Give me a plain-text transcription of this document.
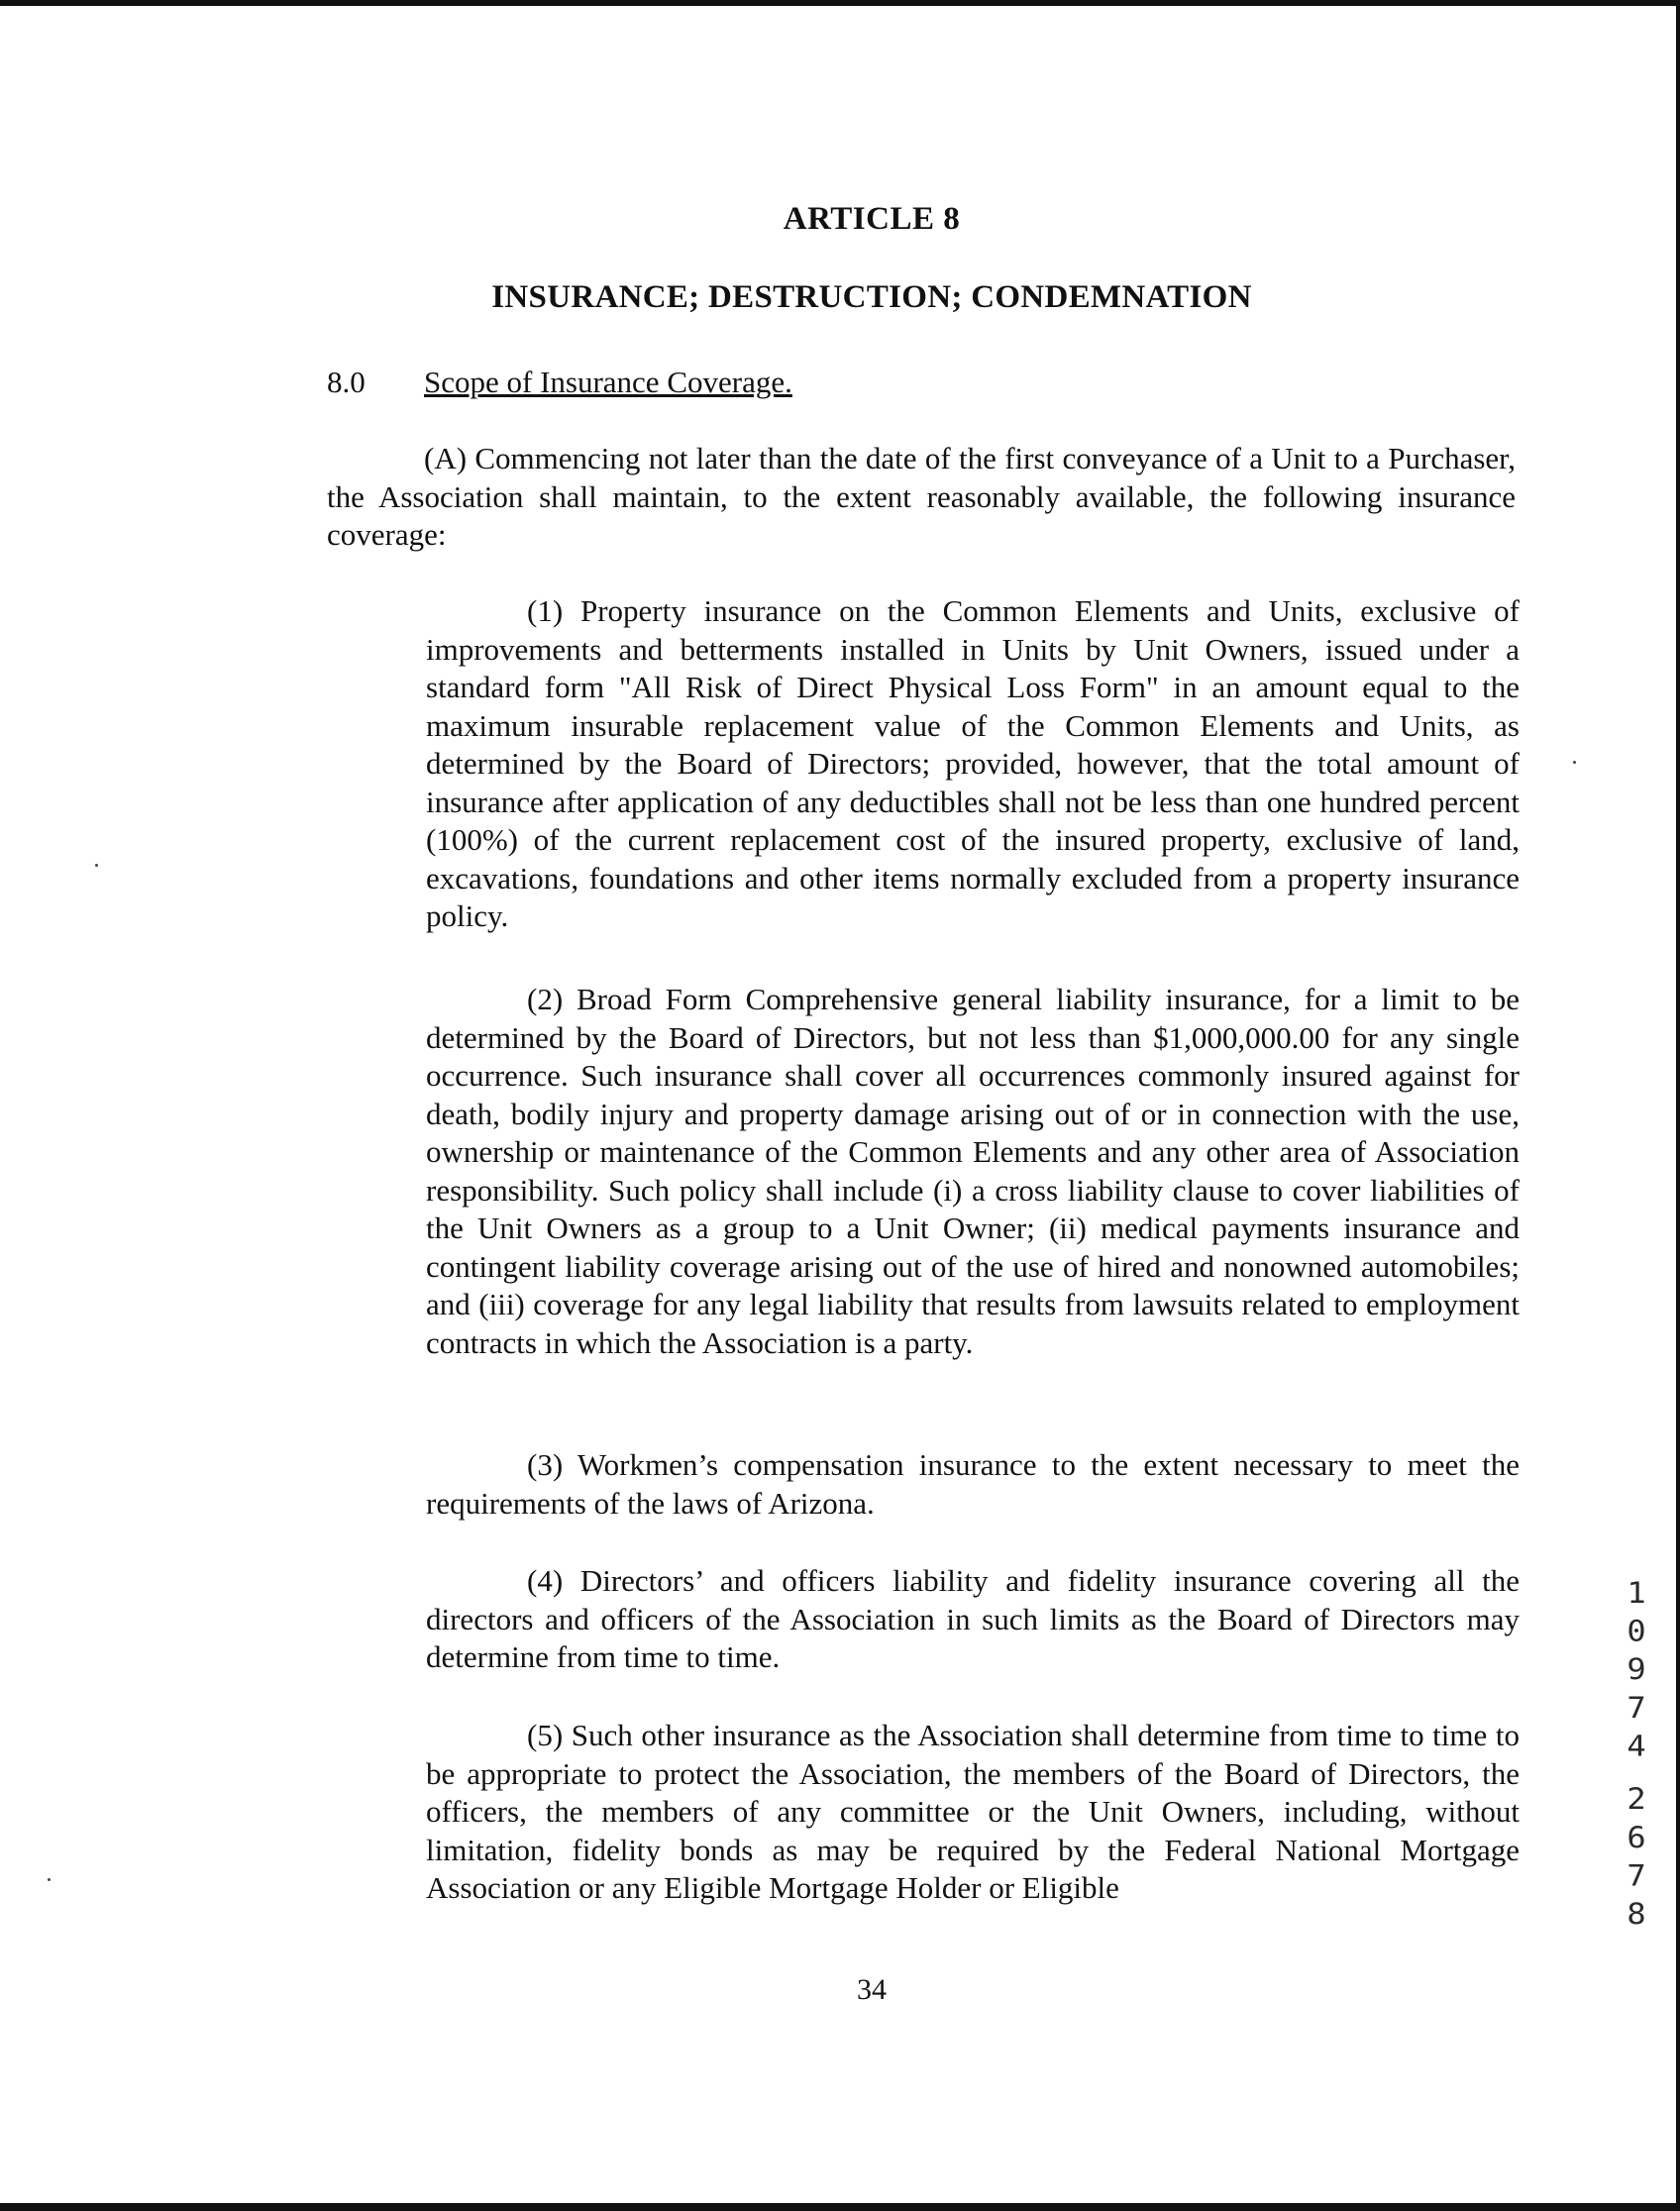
ARTICLE 8
INSURANCE; DESTRUCTION; CONDEMNATION
8.0 Scope of Insurance Coverage.

(A) Commencing not later than the date of the first conveyance of a Unit to a Purchaser, the Association shall maintain, to the extent reasonably available, the following insurance coverage:

(1) Property insurance on the Common Elements and Units, exclusive of improvements and betterments installed in Units by Unit Owners, issued under a standard form "All Risk of Direct Physical Loss Form" in an amount equal to the maximum insurable replacement value of the Common Elements and Units, as determined by the Board of Directors; provided, however, that the total amount of insurance after application of any deductibles shall not be less than one hundred percent (100%) of the current replacement cost of the insured property, exclusive of land, excavations, foundations and other items normally excluded from a property insurance policy.

(2) Broad Form Comprehensive general liability insurance, for a limit to be determined by the Board of Directors, but not less than $1,000,000.00 for any single occurrence. Such insurance shall cover all occurrences commonly insured against for death, bodily injury and property damage arising out of or in connection with the use, ownership or maintenance of the Common Elements and any other area of Association responsibility. Such policy shall include (i) a cross liability clause to cover liabilities of the Unit Owners as a group to a Unit Owner; (ii) medical payments insurance and contingent liability coverage arising out of the use of hired and nonowned automobiles; and (iii) coverage for any legal liability that results from lawsuits related to employment contracts in which the Association is a party.

(3) Workmen’s compensation insurance to the extent necessary to meet the requirements of the laws of Arizona.

(4) Directors’ and officers liability and fidelity insurance covering all the directors and officers of the Association in such limits as the Board of Directors may determine from time to time.

(5) Such other insurance as the Association shall determine from time to time to be appropriate to protect the Association, the members of the Board of Directors, the officers, the members of any committee or the Unit Owners, including, without limitation, fidelity bonds as may be required by the Federal National Mortgage Association or any Eligible Mortgage Holder or Eligible

34
1
0
9
7
4
2
6
7
8
